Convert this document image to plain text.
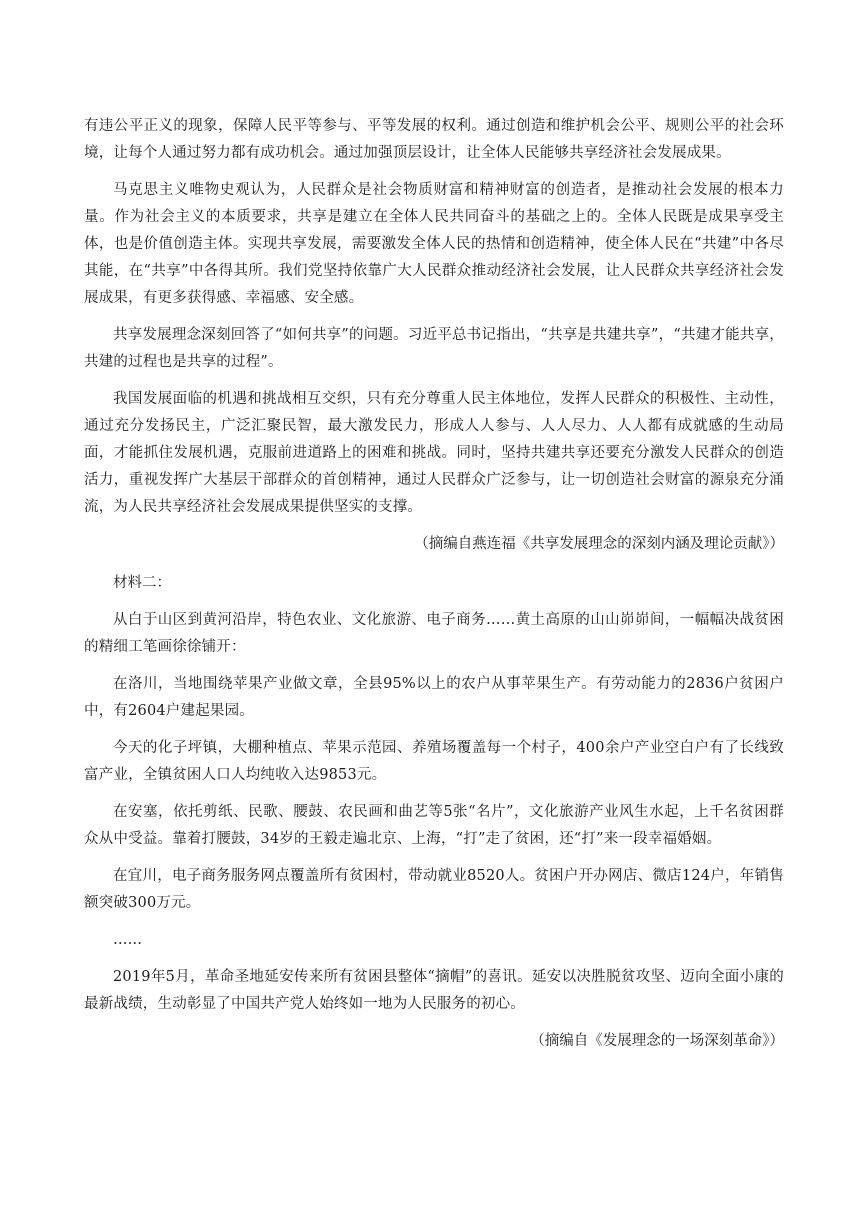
有违公平正义的现象，保障人民平等参与、平等发展的权利。通过创造和维护机会公平、规则公平的社会环境，让每个人通过努力都有成功机会。通过加强顶层设计，让全体人民能够共享经济社会发展成果。

马克思主义唯物史观认为，人民群众是社会物质财富和精神财富的创造者，是推动社会发展的根本力量。作为社会主义的本质要求，共享是建立在全体人民共同奋斗的基础之上的。全体人民既是成果享受主体，也是价值创造主体。实现共享发展，需要激发全体人民的热情和创造精神，使全体人民在“共建”中各尽其能，在“共享”中各得其所。我们党坚持依靠广大人民群众推动经济社会发展，让人民群众共享经济社会发展成果，有更多获得感、幸福感、安全感。

共享发展理念深刻回答了“如何共享”的问题。习近平总书记指出，“共享是共建共享”，“共建才能共享，共建的过程也是共享的过程”。

我国发展面临的机遇和挑战相互交织，只有充分尊重人民主体地位，发挥人民群众的积极性、主动性，通过充分发扬民主，广泛汇聚民智，最大激发民力，形成人人参与、人人尽力、人人都有成就感的生动局面，才能抓住发展机遇，克服前进道路上的困难和挑战。同时，坚持共建共享还要充分激发人民群众的创造活力，重视发挥广大基层干部群众的首创精神，通过人民群众广泛参与，让一切创造社会财富的源泉充分涌流，为人民共享经济社会发展成果提供坚实的支撑。

（摘编自燕连福《共享发展理念的深刻内涵及理论贡献》）

材料二：

从白于山区到黄河沿岸，特色农业、文化旅游、电子商务……黄土高原的山山峁峁间，一幅幅决战贫困的精细工笔画徐徐铺开：

在洛川，当地围绕苹果产业做文章，全县95%以上的农户从事苹果生产。有劳动能力的2836户贫困户中，有2604户建起果园。

今天的化子坪镇，大棚种植点、苹果示范园、养殖场覆盖每一个村子，400余户产业空白户有了长线致富产业，全镇贫困人口人均纯收入达9853元。

在安塞，依托剪纸、民歌、腰鼓、农民画和曲艺等5张“名片”，文化旅游产业风生水起，上千名贫困群众从中受益。靠着打腰鼓，34岁的王毅走遍北京、上海，“打”走了贫困，还“打”来一段幸福婚姻。

在宜川，电子商务服务网点覆盖所有贫困村，带动就业8520人。贫困户开办网店、微店124户，年销售额突破300万元。

……

2019年5月，革命圣地延安传来所有贫困县整体“摘帽”的喜讯。延安以决胜脱贫攻坚、迈向全面小康的最新战绩，生动彰显了中国共产党人始终如一地为人民服务的初心。

（摘编自《发展理念的一场深刻革命》）
